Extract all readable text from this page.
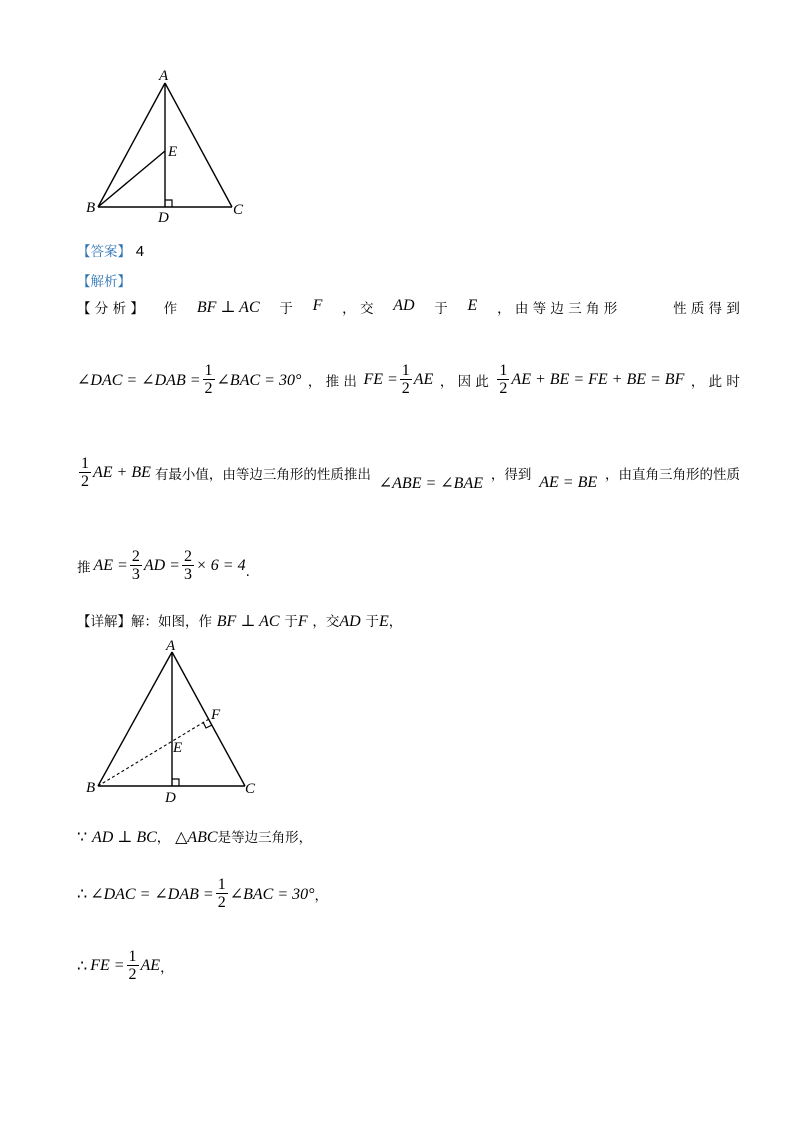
A
B	C
D
E
【答案】 4
【解析】
【 分 析 】 作 BF ⊥ AC 于 F ， 交 AD 于 E ， 由 等 边 三 角 形	性 质 得 到
∠DAC = ∠DAB = $\frac{1}{2}$ ∠BAC = 30° ， 推 出 FE = $\frac{1}{2}$ AE ， 因 此 $\frac{1}{2}$ AE + BE = FE + BE = BF ， 此 时
$\frac{1}{2}$ AE + BE 有最小值，由等边三角形的性质推出 ∠ABE = ∠BAE ，得到 AE = BE ，由直角三角形的性质
推 AE = $\frac{2}{3}$ AD = $\frac{2}{3} \times 6 = 4$ .
【详解】解：如图，作 BF ⊥ AC 于F ，交AD 于E，
A
B	C
D
E
F
∵ AD ⊥ BC， △ABC是等边三角形，
∴ ∠DAC = ∠DAB = $\frac{1}{2}$ ∠BAC = 30° ，
∴ FE = $\frac{1}{2}$ AE ，
